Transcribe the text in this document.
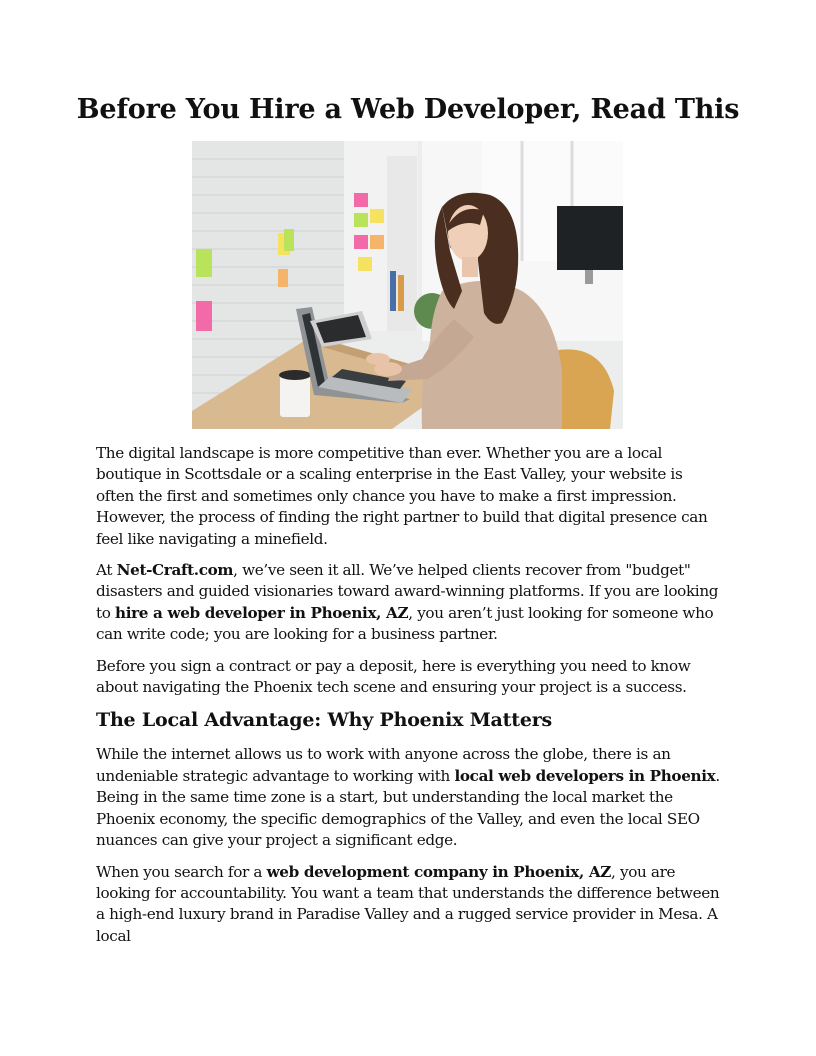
Before You Hire a Web Developer, Read This

The digital landscape is more competitive than ever. Whether you are a local boutique in Scottsdale or a scaling enterprise in the East Valley, your website is often the first and sometimes only chance you have to make a first impression. However, the process of finding the right partner to build that digital presence can feel like navigating a minefield.

At Net-Craft.com, we’ve seen it all. We’ve helped clients recover from "budget" disasters and guided visionaries toward award-winning platforms. If you are looking to hire a web developer in Phoenix, AZ, you aren’t just looking for someone who can write code; you are looking for a business partner.

Before you sign a contract or pay a deposit, here is everything you need to know about navigating the Phoenix tech scene and ensuring your project is a success.

The Local Advantage: Why Phoenix Matters

While the internet allows us to work with anyone across the globe, there is an undeniable strategic advantage to working with local web developers in Phoenix. Being in the same time zone is a start, but understanding the local market the Phoenix economy, the specific demographics of the Valley, and even the local SEO nuances can give your project a significant edge.

When you search for a web development company in Phoenix, AZ, you are looking for accountability. You want a team that understands the difference between a high-end luxury brand in Paradise Valley and a rugged service provider in Mesa. A local
